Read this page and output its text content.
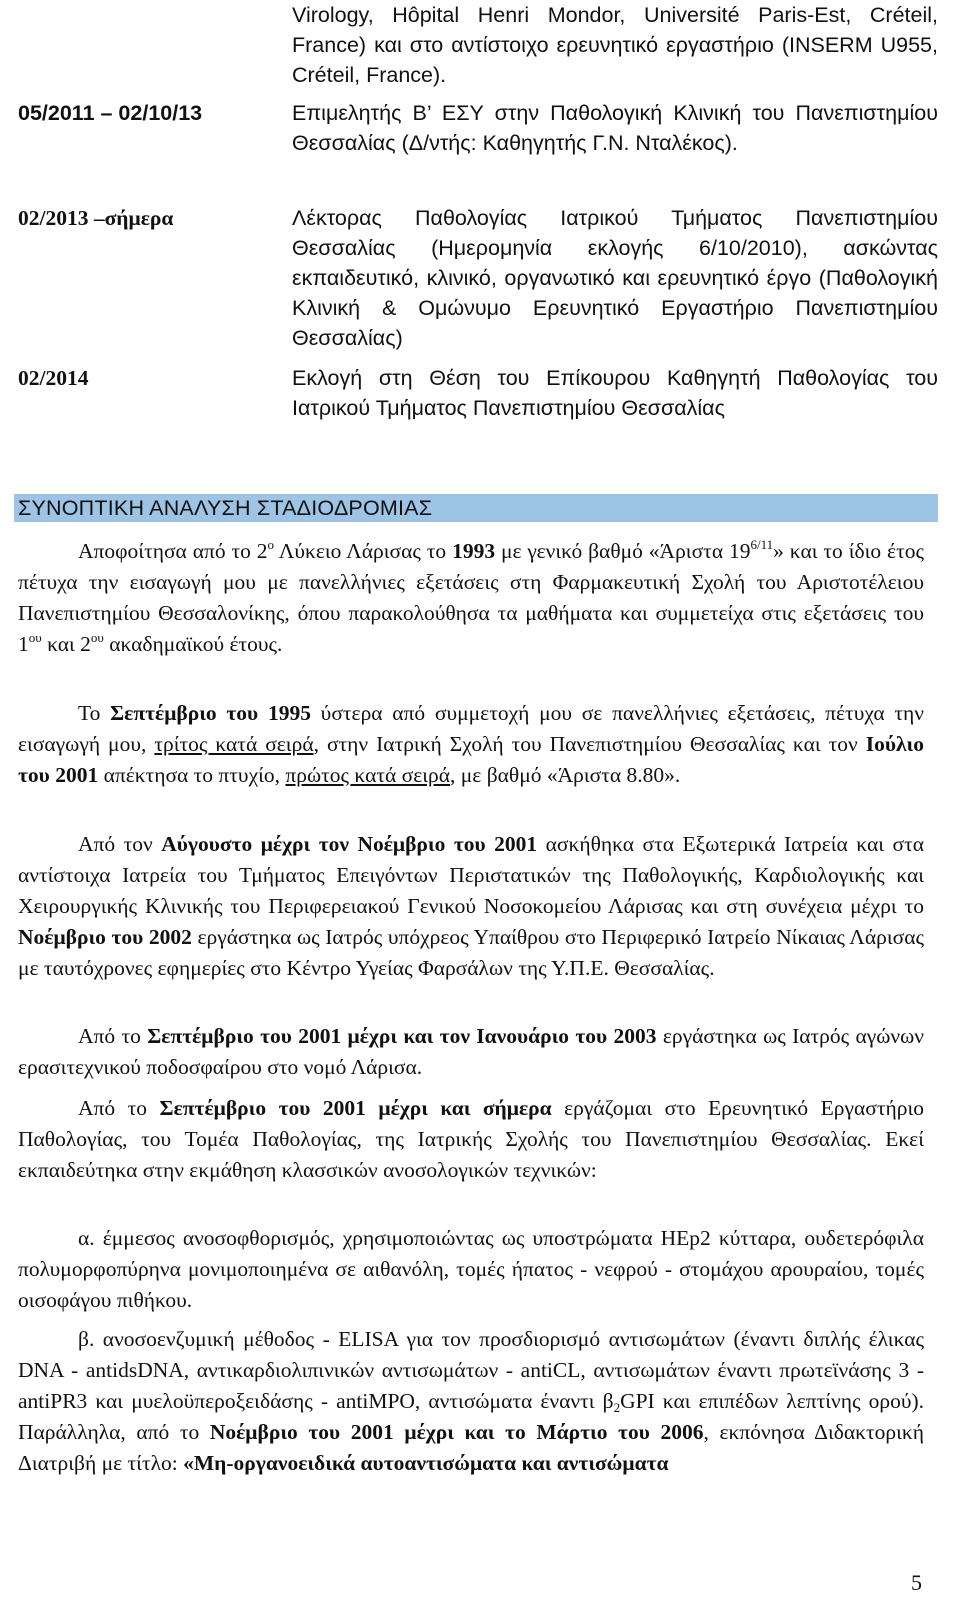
Virology, Hôpital Henri Mondor, Université Paris-Est, Créteil, France) και στο αντίστοιχο ερευνητικό εργαστήριο (INSERM U955, Créteil, France).
05/2011 – 02/10/13	Επιμελητής Β’ ΕΣΥ στην Παθολογική Κλινική του Πανεπιστημίου Θεσσαλίας (Δ/ντής: Καθηγητής Γ.Ν. Νταλέκος).
02/2013 –σήμερα	Λέκτορας Παθολογίας Ιατρικού Τμήματος Πανεπιστημίου Θεσσαλίας (Ημερομηνία εκλογής 6/10/2010), ασκώντας εκπαιδευτικό, κλινικό, οργανωτικό και ερευνητικό έργο (Παθολογική Κλινική & Ομώνυμο Ερευνητικό Εργαστήριο Πανεπιστημίου Θεσσαλίας)
02/2014	Εκλογή στη Θέση του Επίκουρου Καθηγητή Παθολογίας του Ιατρικού Τμήματος Πανεπιστημίου Θεσσαλίας
ΣΥΝΟΠΤΙΚΗ ΑΝΑΛΥΣΗ ΣΤΑΔΙΟΔΡΟΜΙΑΣ

Αποφοίτησα από το $2^o$ Λύκειο Λάρισας το 1993 με γενικό βαθμό «Άριστα $19^{6/11}$» και το ίδιο έτος πέτυχα την εισαγωγή μου με πανελλήνιες εξετάσεις στη Φαρμακευτική Σχολή του Αριστοτέλειου Πανεπιστημίου Θεσσαλονίκης, όπου παρακολούθησα τα μαθήματα και συμμετείχα στις εξετάσεις του $1^{o\upsilon}$ και $2^{o\upsilon}$ ακαδημαϊκού έτους.

Το Σεπτέμβριο του 1995 ύστερα από συμμετοχή μου σε πανελλήνιες εξετάσεις, πέτυχα την εισαγωγή μου, τρίτος κατά σειρά, στην Ιατρική Σχολή του Πανεπιστημίου Θεσσαλίας και τον Ιούλιο του 2001 απέκτησα το πτυχίο, πρώτος κατά σειρά, με βαθμό «Άριστα 8.80».

Από τον Αύγουστο μέχρι τον Νοέμβριο του 2001 ασκήθηκα στα Εξωτερικά Ιατρεία και στα αντίστοιχα Ιατρεία του Τμήματος Επειγόντων Περιστατικών της Παθολογικής, Καρδιολογικής και Χειρουργικής Κλινικής του Περιφερειακού Γενικού Νοσοκομείου Λάρισας και στη συνέχεια μέχρι το Νοέμβριο του 2002 εργάστηκα ως Ιατρός υπόχρεος Υπαίθρου στο Περιφερικό Ιατρείο Νίκαιας Λάρισας με ταυτόχρονες εφημερίες στο Κέντρο Υγείας Φαρσάλων της Υ.Π.Ε. Θεσσαλίας.

Από το Σεπτέμβριο του 2001 μέχρι και τον Ιανουάριο του 2003 εργάστηκα ως Ιατρός αγώνων ερασιτεχνικού ποδοσφαίρου στο νομό Λάρισα.

Από το Σεπτέμβριο του 2001 μέχρι και σήμερα εργάζομαι στο Ερευνητικό Εργαστήριο Παθολογίας, του Τομέα Παθολογίας, της Ιατρικής Σχολής του Πανεπιστημίου Θεσσαλίας. Εκεί εκπαιδεύτηκα στην εκμάθηση κλασσικών ανοσολογικών τεχνικών:

α. έμμεσος ανοσοφθορισμός, χρησιμοποιώντας ως υποστρώματα HEp2 κύτταρα, ουδετερόφιλα πολυμορφοπύρηνα μονιμοποιημένα σε αιθανόλη, τομές ήπατος - νεφρού - στομάχου αρουραίου, τομές οισοφάγου πιθήκου.

β. ανοσοενζυμική μέθοδος - ELISA για τον προσδιορισμό αντισωμάτων (έναντι διπλής έλικας DNA - antidsDNA, αντικαρδιολιπινικών αντισωμάτων - antiCL, αντισωμάτων έναντι πρωτεϊνάσης 3 - antiPR3 και μυελοϋπεροξειδάσης - antiMPO, αντισώματα έναντι $\beta_2GPI$ και επιπέδων λεπτίνης ορού). Παράλληλα, από το Νοέμβριο του 2001 μέχρι και το Μάρτιο του 2006, εκπόνησα Διδακτορική Διατριβή με τίτλο: «Μη-οργανοειδικά αυτοαντισώματα και αντισώματα

5
